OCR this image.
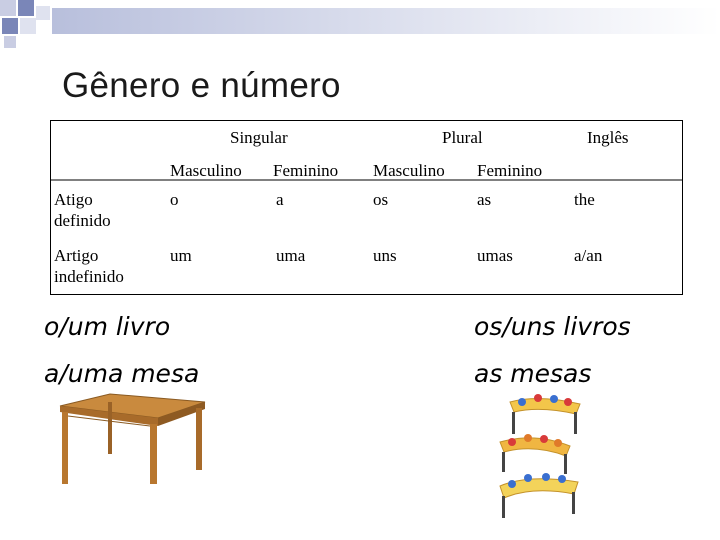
Gênero e número
Singular	Plural	Inglês
Masculino Feminino Masculino Feminino
Atigo
definido
o	a	os	as	the
Artigo
indefinido
um	uma	uns	umas	a/an
o/um livro
a/uma mesa
os/uns livros
as mesas
